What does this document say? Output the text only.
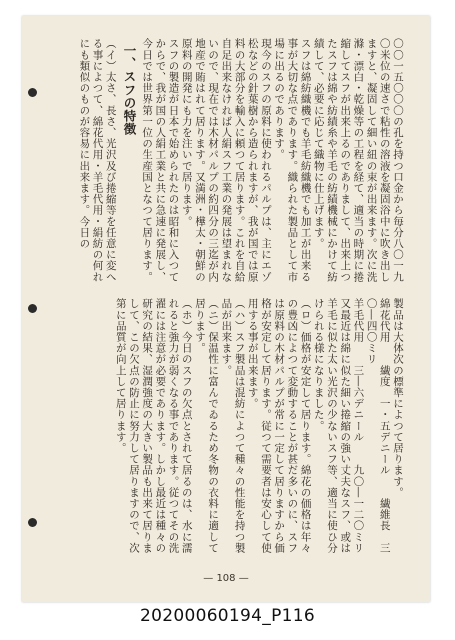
〇〇一五〇〇〇の孔を持つ口金から毎分八〇一九〇米位の速さで粘性の溶液を凝固浴中に吹き出しますと、凝固して細い紐の束が出来ます。次に洗滌・漂白・乾燥等の工程を経て、適当の時期に捲縮してスフが出来上るのでありまして、出来上つたスフは綿や紡績糸や羊毛の紡績機械にかけて紡績して、必要に応じて織物に仕上げます。

スフは綿紡織機でも羊毛紡織機でも加工が出来る事が大切な点であります。織られた製品として市場に出るのであります。

現今のスフの原料に使われるパルプは、主にエゾ松などの針葉樹から造られますが、我が国では原料の大部分を輸入に頼つて居ります。これを自給自足出来なければ人絹スフ工業の発展は望まれないので、現在では木材パルプの約四分の三迄が内地産で賄はれて居ります。又満洲・樺太・朝鮮の原料の開発にも力を注いで居ります。

スフの製造が日本で始められたのは昭和に入つてからで、我が国の人絹工業と共に急速に発展し、今日では世界第一位の生産国となつて居ります。

一、スフの特徴

（イ）太さ、長さ、光沢及び捲縮等を任意に変へる事によつて、綿花代用・羊毛代用・絹紡の何れにも類似のものが容易に出来ます。今日の

製品は大体次の標準によつて居ります。

綿花代用　　繊度　一・五デニール　　繊維長　三〇―四〇ミリ

羊毛代用　　三―六デニール　　九〇―一二〇ミリ

又最近は綿に似た細い捲縮の強い丈夫なスフ、或は羊毛に似た太い光沢の少ないスフ等、適当に使ひ分けられる様になりました。

（ロ）価格が安定して居ります。綿花の価格は年々の豊凶によつて変動することが甚だ多いのに、スフは原料の木材パルプが常に一定して居りますから価格が安定して居ります。従つて需要者は安心して使用する事が出来ます。

（ハ）スフ製品は混紡によつて種々の性能を持つ製品が出来ます。

（ニ）保温性に富んでゐるため冬物の衣料に適して居ります。

（ホ）今日のスフの欠点とされて居るのは、水に濡れると強力が弱くなる事であります。従つてその洗濯には注意が必要であります。しかし最近は種々の研究の結果、湿潤強度の大きい製品も出来て居りまして、この欠点の防止に努力して居りますので、次第に品質が向上して居ります。

— 108 —
20200060194_P116
